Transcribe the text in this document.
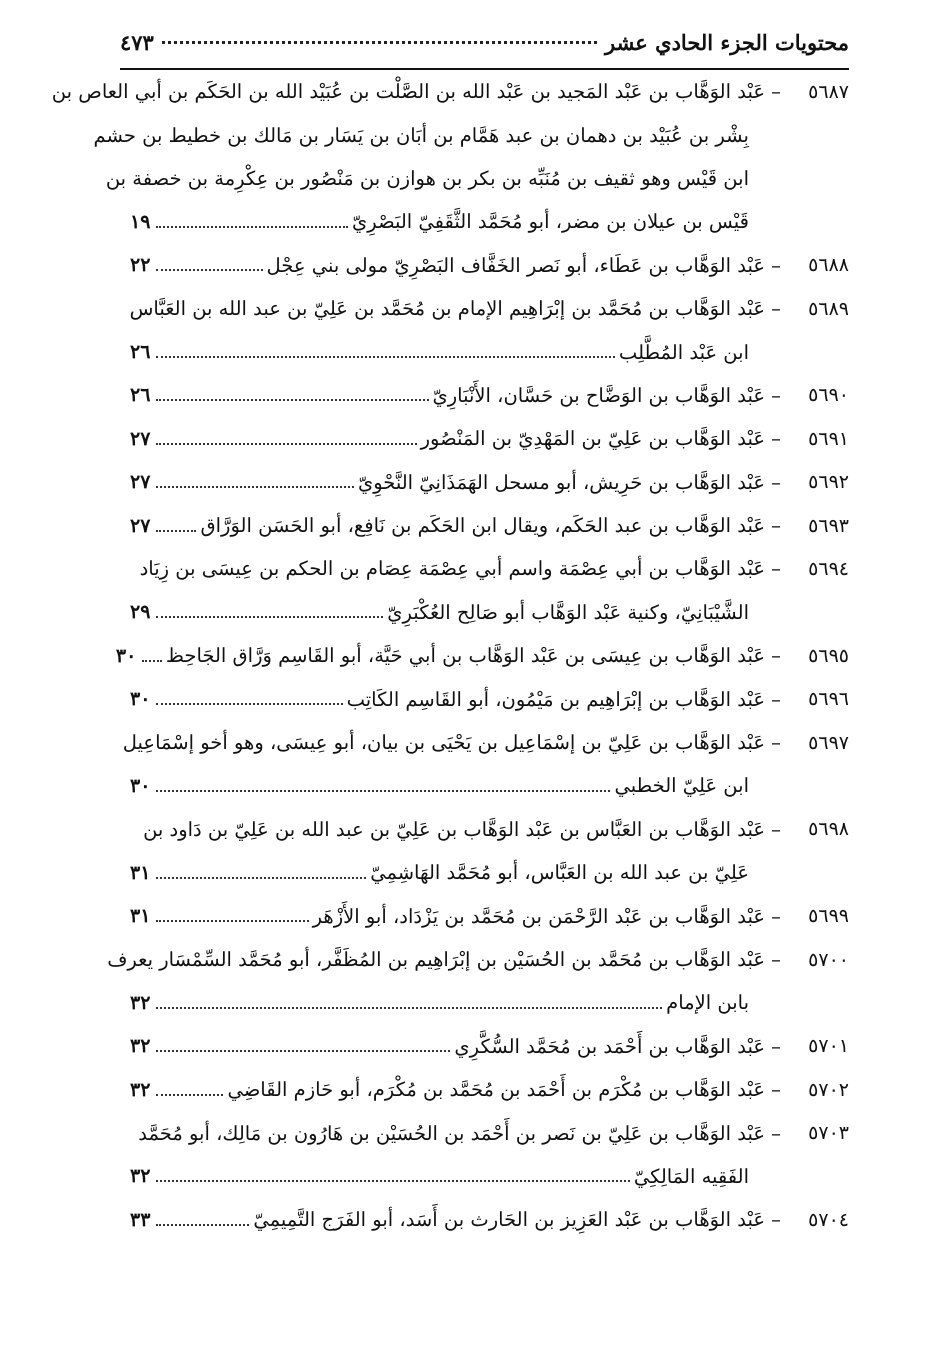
محتويات الجزء الحادي عشر
٤٧٣
٥٦٨٧
–
عَبْد الوَهَّاب بن عَبْد المَجيد بن عَبْد الله بن الصَّلْت بن عُبَيْد الله بن الحَكَم بن أبي العاص بن
بِشْر بن عُبَيْد بن دهمان بن عبد هَمَّام بن أبَان بن يَسَار بن مَالك بن خطيط بن حشم
ابن قَيْس وهو ثقيف بن مُنَبِّه بن بكر بن هوازن بن مَنْصُور بن عِكْرِمة بن خصفة بن
قَيْس بن عيلان بن مضر، أبو مُحَمَّد الثَّقَفِيّ البَصْرِيّ
١٩
٥٦٨٨
–
عَبْد الوَهَّاب بن عَطَاء، أبو نَصر الخَفَّاف البَصْرِيّ مولى بني عِجْل
٢٢
٥٦٨٩
–
عَبْد الوَهَّاب بن مُحَمَّد بن إبْرَاهِيم الإمام بن مُحَمَّد بن عَلِيّ بن عبد الله بن العَبَّاس
ابن عَبْد المُطَّلِب
٢٦
٥٦٩٠
–
عَبْد الوَهَّاب بن الوَضَّاح بن حَسَّان، الأَنْبَارِيّ
٢٦
٥٦٩١
–
عَبْد الوَهَّاب بن عَلِيّ بن المَهْدِيّ بن المَنْصُور
٢٧
٥٦٩٢
–
عَبْد الوَهَّاب بن حَرِيش، أبو مسحل الهَمَذَانِيّ النَّحْوِيّ
٢٧
٥٦٩٣
–
عَبْد الوَهَّاب بن عبد الحَكَم، ويقال ابن الحَكَم بن نَافِع، أبو الحَسَن الوَرَّاق
٢٧
٥٦٩٤
–
عَبْد الوَهَّاب بن أبي عِصْمَة واسم أبي عِصْمَة عِصَام بن الحكم بن عِيسَى بن زِيَاد
الشَّيْبَانِيّ، وكنية عَبْد الوَهَّاب أبو صَالِح العُكْبَرِيّ
٢٩
٥٦٩٥
–
عَبْد الوَهَّاب بن عِيسَى بن عَبْد الوَهَّاب بن أبي حَيَّة، أبو القَاسِم وَرَّاق الجَاحِظ
٣٠
٥٦٩٦
–
عَبْد الوَهَّاب بن إبْرَاهِيم بن مَيْمُون، أبو القَاسِم الكَاتِب
٣٠
٥٦٩٧
–
عَبْد الوَهَّاب بن عَلِيّ بن إسْمَاعِيل بن يَحْيَى بن بيان، أبو عِيسَى، وهو أخو إسْمَاعِيل
ابن عَلِيّ الخطبي
٣٠
٥٦٩٨
–
عَبْد الوَهَّاب بن العَبَّاس بن عَبْد الوَهَّاب بن عَلِيّ بن عبد الله بن عَلِيّ بن دَاود بن
عَلِيّ بن عبد الله بن العَبَّاس، أبو مُحَمَّد الهَاشِمِيّ
٣١
٥٦٩٩
–
عَبْد الوَهَّاب بن عَبْد الرَّحْمَن بن مُحَمَّد بن يَزْدَاد، أبو الأَزْهَر
٣١
٥٧٠٠
–
عَبْد الوَهَّاب بن مُحَمَّد بن الحُسَيْن بن إبْرَاهِيم بن المُظَفَّر، أبو مُحَمَّد السِّمْسَار يعرف
بابن الإمام
٣٢
٥٧٠١
–
عَبْد الوَهَّاب بن أَحْمَد بن مُحَمَّد السُّكَّرِي
٣٢
٥٧٠٢
–
عَبْد الوَهَّاب بن مُكْرَم بن أَحْمَد بن مُحَمَّد بن مُكْرَم، أبو حَازم القَاضِي
٣٢
٥٧٠٣
–
عَبْد الوَهَّاب بن عَلِيّ بن نَصر بن أَحْمَد بن الحُسَيْن بن هَارُون بن مَالِك، أبو مُحَمَّد
الفَقِيه المَالِكِيّ
٣٢
٥٧٠٤
–
عَبْد الوَهَّاب بن عَبْد العَزِيز بن الحَارث بن أَسَد، أبو الفَرَج التَّمِيمِيّ
٣٣
